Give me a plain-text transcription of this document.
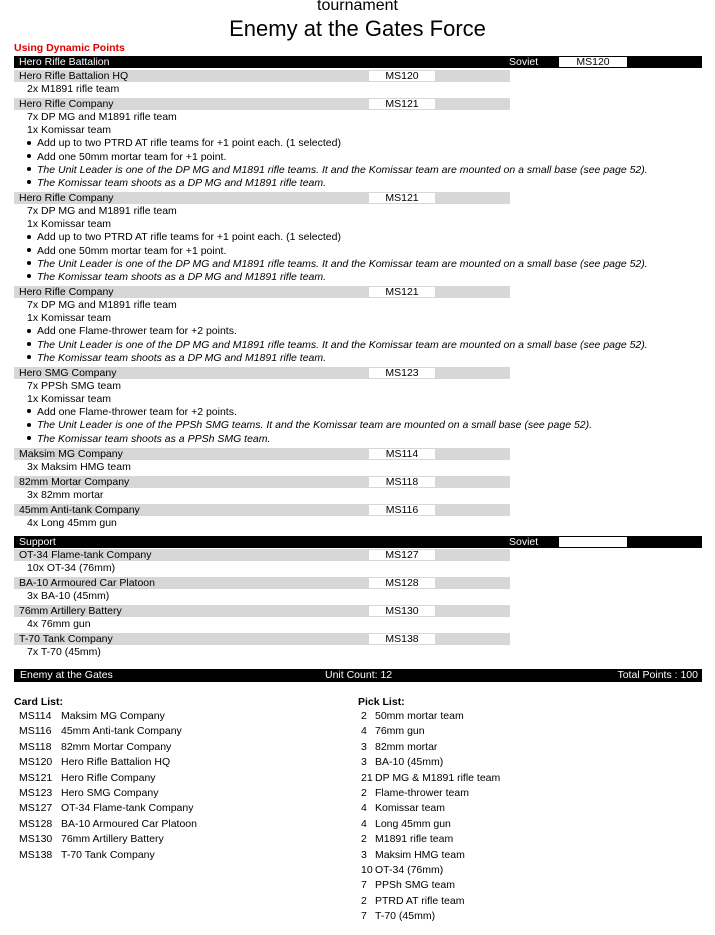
tournament
Enemy at the Gates Force
Using Dynamic Points
Hero Rifle Battalion	Soviet	MS120
Hero Rifle Battalion HQ	MS120
2x M1891 rifle team
Hero Rifle Company	MS121
7x DP MG and M1891 rifle team
1x Komissar team
Add up to two PTRD AT rifle teams for +1 point each. (1 selected)
Add one 50mm mortar team for +1 point.
The Unit Leader is one of the DP MG and M1891 rifle teams. It and the Komissar team are mounted on a small base (see page 52).
The Komissar team shoots as a DP MG and M1891 rifle team.
Hero Rifle Company	MS121
7x DP MG and M1891 rifle team
1x Komissar team
Add up to two PTRD AT rifle teams for +1 point each. (1 selected)
Add one 50mm mortar team for +1 point.
The Unit Leader is one of the DP MG and M1891 rifle teams. It and the Komissar team are mounted on a small base (see page 52).
The Komissar team shoots as a DP MG and M1891 rifle team.
Hero Rifle Company	MS121
7x DP MG and M1891 rifle team
1x Komissar team
Add one Flame-thrower team for +2 points.
The Unit Leader is one of the DP MG and M1891 rifle teams. It and the Komissar team are mounted on a small base (see page 52).
The Komissar team shoots as a DP MG and M1891 rifle team.
Hero SMG Company	MS123
7x PPSh SMG team
1x Komissar team
Add one Flame-thrower team for +2 points.
The Unit Leader is one of the PPSh SMG teams. It and the Komissar team are mounted on a small base (see page 52).
The Komissar team shoots as a PPSh SMG team.
Maksim MG Company	MS114
3x Maksim HMG team
82mm Mortar Company	MS118
3x 82mm mortar
45mm Anti-tank Company	MS116
4x Long 45mm gun
Support	Soviet
OT-34 Flame-tank Company	MS127
10x OT-34 (76mm)
BA-10 Armoured Car Platoon	MS128
3x BA-10 (45mm)
76mm Artillery Battery	MS130
4x 76mm gun
T-70 Tank Company	MS138
7x T-70 (45mm)
Enemy at the Gates	Unit Count: 12	Total Points : 100
Card List:
MS114 Maksim MG Company
MS116 45mm Anti-tank Company
MS118 82mm Mortar Company
MS120 Hero Rifle Battalion HQ
MS121 Hero Rifle Company
MS123 Hero SMG Company
MS127 OT-34 Flame-tank Company
MS128 BA-10 Armoured Car Platoon
MS130 76mm Artillery Battery
MS138 T-70 Tank Company
Pick List:
2 50mm mortar team
4 76mm gun
3 82mm mortar
3 BA-10 (45mm)
21 DP MG & M1891 rifle team
2 Flame-thrower team
4 Komissar team
4 Long 45mm gun
2 M1891 rifle team
3 Maksim HMG team
10 OT-34 (76mm)
7 PPSh SMG team
2 PTRD AT rifle team
7 T-70 (45mm)
